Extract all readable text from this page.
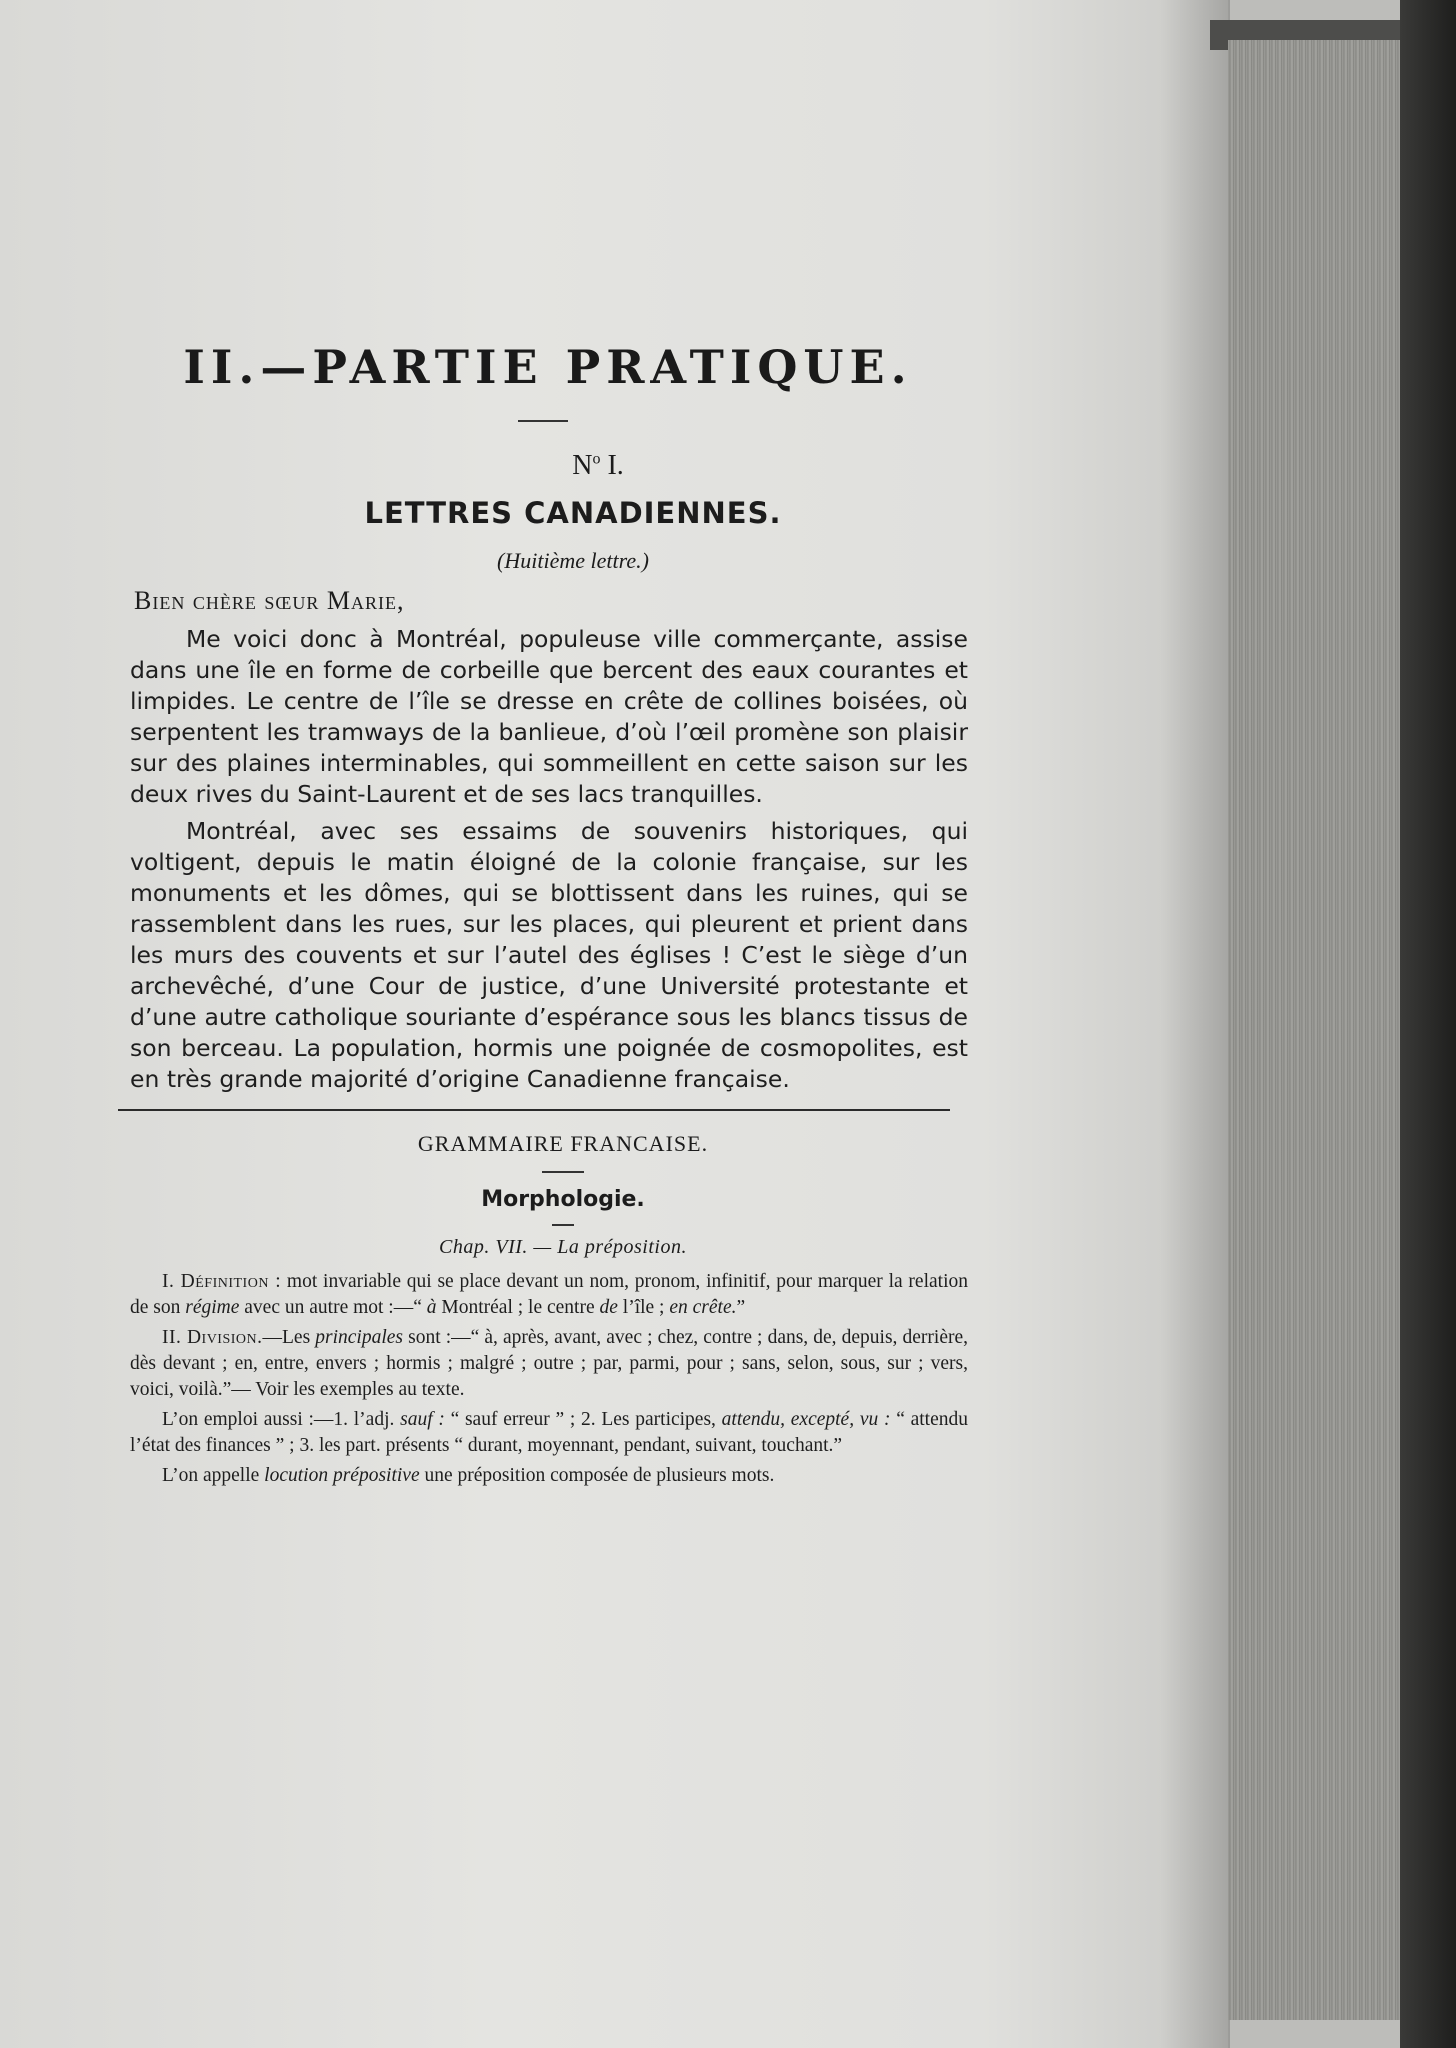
II.—PARTIE PRATIQUE.
$N^o$ I.
LETTRES CANADIENNES.
(Huitième lettre.)
Bien chère sœur Marie,

Me voici donc à Montréal, populeuse ville commerçante, assise dans une île en forme de corbeille que bercent des eaux courantes et limpides. Le centre de l’île se dresse en crête de collines boisées, où serpentent les tramways de la banlieue, d’où l’œil promène son plaisir sur des plaines interminables, qui sommeillent en cette saison sur les deux rives du Saint-Laurent et de ses lacs tranquilles.

Montréal, avec ses essaims de souvenirs historiques, qui voltigent, depuis le matin éloigné de la colonie française, sur les monuments et les dômes, qui se blottissent dans les ruines, qui se rassemblent dans les rues, sur les places, qui pleurent et prient dans les murs des couvents et sur l’autel des églises ! C’est le siège d’un archevêché, d’une Cour de justice, d’une Université protestante et d’une autre catholique souriante d’espérance sous les blancs tissus de son berceau. La population, hormis une poignée de cosmopolites, est en très grande majorité d’origine Canadienne française.

GRAMMAIRE FRANCAISE.
Morphologie.
Chap. VII. — La préposition.

I. Définition : mot invariable qui se place devant un nom, pronom, infinitif, pour marquer la relation de son régime avec un autre mot :—“ à Montréal ; le centre de l’île ; en crête.”

II. Division.—Les principales sont :—“ à, après, avant, avec ; chez, contre ; dans, de, depuis, derrière, dès devant ; en, entre, envers ; hormis ; malgré ; outre ; par, parmi, pour ; sans, selon, sous, sur ; vers, voici, voilà.”— Voir les exemples au texte.

L’on emploi aussi :—1. l’adj. sauf : “ sauf erreur ” ; 2. Les participes, attendu, excepté, vu : “ attendu l’état des finances ” ; 3. les part. présents “ durant, moyennant, pendant, suivant, touchant.”

L’on appelle locution prépositive une préposition composée de plusieurs mots.
